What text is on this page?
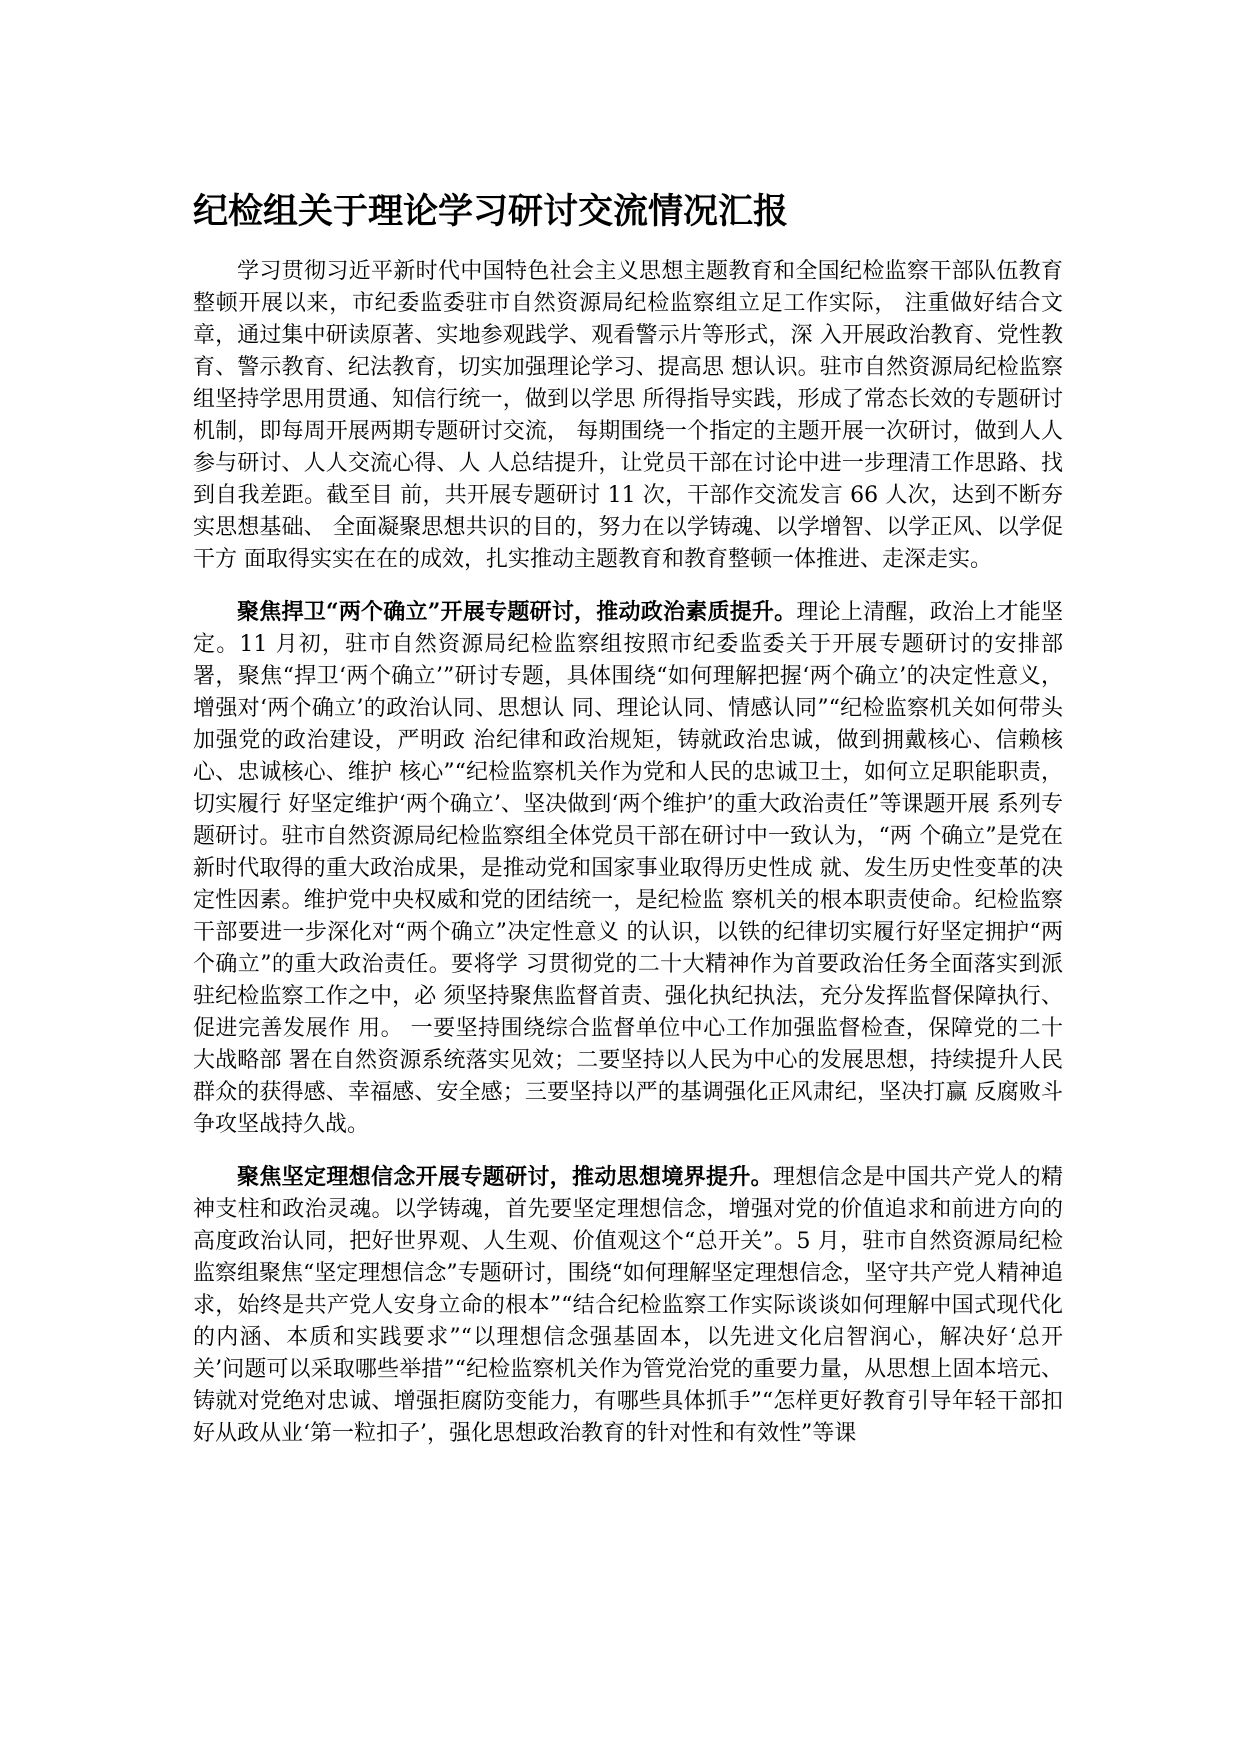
纪检组关于理论学习研讨交流情况汇报

学习贯彻习近平新时代中国特色社会主义思想主题教育和全国纪检监察干部队伍教育整顿开展以来，市纪委监委驻市自然资源局纪检监察组立足工作实际， 注重做好结合文章，通过集中研读原著、实地参观践学、观看警示片等形式，深 入开展政治教育、党性教育、警示教育、纪法教育，切实加强理论学习、提高思 想认识。驻市自然资源局纪检监察组坚持学思用贯通、知信行统一，做到以学思 所得指导实践，形成了常态长效的专题研讨机制，即每周开展两期专题研讨交流， 每期围绕一个指定的主题开展一次研讨，做到人人参与研讨、人人交流心得、人 人总结提升，让党员干部在讨论中进一步理清工作思路、找到自我差距。截至目 前，共开展专题研讨 11 次，干部作交流发言 66 人次，达到不断夯实思想基础、 全面凝聚思想共识的目的，努力在以学铸魂、以学增智、以学正风、以学促干方 面取得实实在在的成效，扎实推动主题教育和教育整顿一体推进、走深走实。

聚焦捍卫“两个确立”开展专题研讨，推动政治素质提升。理论上清醒，政治上才能坚定。11 月初，驻市自然资源局纪检监察组按照市纪委监委关于开展专题研讨的安排部署，聚焦“捍卫‘两个确立’”研讨专题，具体围绕“如何理解把握‘两个确立’的决定性意义，增强对‘两个确立’的政治认同、思想认 同、理论认同、情感认同”“纪检监察机关如何带头加强党的政治建设，严明政 治纪律和政治规矩，铸就政治忠诚，做到拥戴核心、信赖核心、忠诚核心、维护 核心”“纪检监察机关作为党和人民的忠诚卫士，如何立足职能职责，切实履行 好坚定维护‘两个确立’、坚决做到‘两个维护’的重大政治责任”等课题开展 系列专题研讨。驻市自然资源局纪检监察组全体党员干部在研讨中一致认为，“两 个确立”是党在新时代取得的重大政治成果，是推动党和国家事业取得历史性成 就、发生历史性变革的决定性因素。维护党中央权威和党的团结统一，是纪检监 察机关的根本职责使命。纪检监察干部要进一步深化对“两个确立”决定性意义 的认识，以铁的纪律切实履行好坚定拥护“两个确立”的重大政治责任。要将学 习贯彻党的二十大精神作为首要政治任务全面落实到派驻纪检监察工作之中，必 须坚持聚焦监督首责、强化执纪执法，充分发挥监督保障执行、促进完善发展作 用。 一要坚持围绕综合监督单位中心工作加强监督检查，保障党的二十大战略部 署在自然资源系统落实见效；二要坚持以人民为中心的发展思想，持续提升人民 群众的获得感、幸福感、安全感；三要坚持以严的基调强化正风肃纪，坚决打赢 反腐败斗争攻坚战持久战。

聚焦坚定理想信念开展专题研讨，推动思想境界提升。理想信念是中国共产党人的精神支柱和政治灵魂。以学铸魂，首先要坚定理想信念，增强对党的价值追求和前进方向的高度政治认同，把好世界观、人生观、价值观这个“总开关”。5 月，驻市自然资源局纪检监察组聚焦“坚定理想信念”专题研讨，围绕“如何理解坚定理想信念，坚守共产党人精神追求，始终是共产党人安身立命的根本”“结合纪检监察工作实际谈谈如何理解中国式现代化的内涵、本质和实践要求”“以理想信念强基固本，以先进文化启智润心，解决好‘总开关’问题可以采取哪些举措”“纪检监察机关作为管党治党的重要力量，从思想上固本培元、铸就对党绝对忠诚、增强拒腐防变能力，有哪些具体抓手”“怎样更好教育引导年轻干部扣好从政从业‘第一粒扣子’，强化思想政治教育的针对性和有效性”等课
